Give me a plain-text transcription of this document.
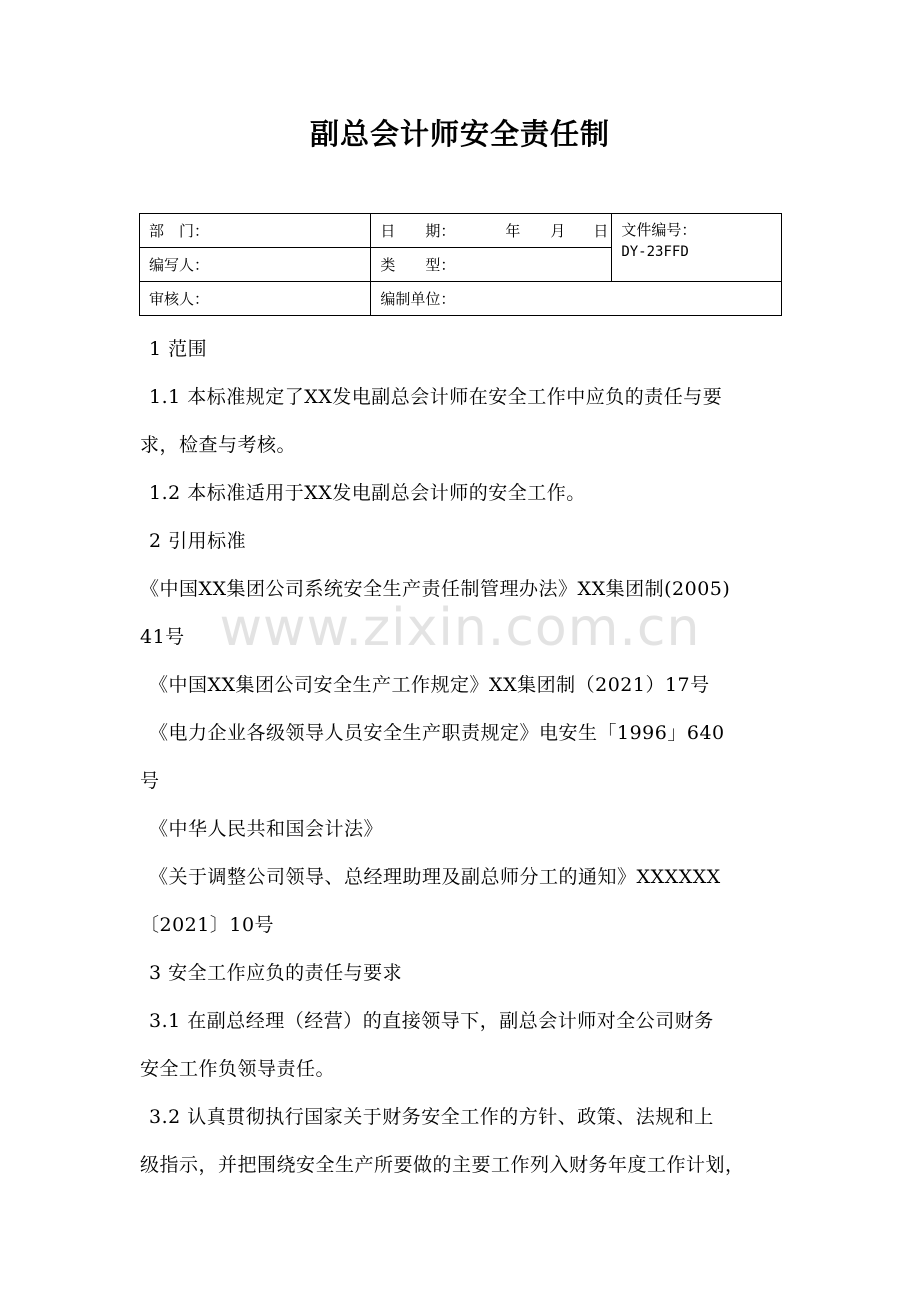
副总会计师安全责任制
部　门：	日　　期： 年 月 日	文件编号：
DY-23FFD

编写人：	类　　型：	
审核人：	编制单位：	
www.zixin.com.cn

1 范围

1.1 本标准规定了XX发电副总会计师在安全工作中应负的责任与要

求，检查与考核。

1.2 本标准适用于XX发电副总会计师的安全工作。

2 引用标准

《中国XX集团公司系统安全生产责任制管理办法》XX集团制(2005)

41号

《中国XX集团公司安全生产工作规定》XX集团制（2021）17号

《电力企业各级领导人员安全生产职责规定》电安生「1996」640

号

《中华人民共和国会计法》

《关于调整公司领导、总经理助理及副总师分工的通知》XXXXXX

〔2021〕10号

3 安全工作应负的责任与要求

3.1 在副总经理（经营）的直接领导下，副总会计师对全公司财务

安全工作负领导责任。

3.2 认真贯彻执行国家关于财务安全工作的方针、政策、法规和上

级指示，并把围绕安全生产所要做的主要工作列入财务年度工作计划，
